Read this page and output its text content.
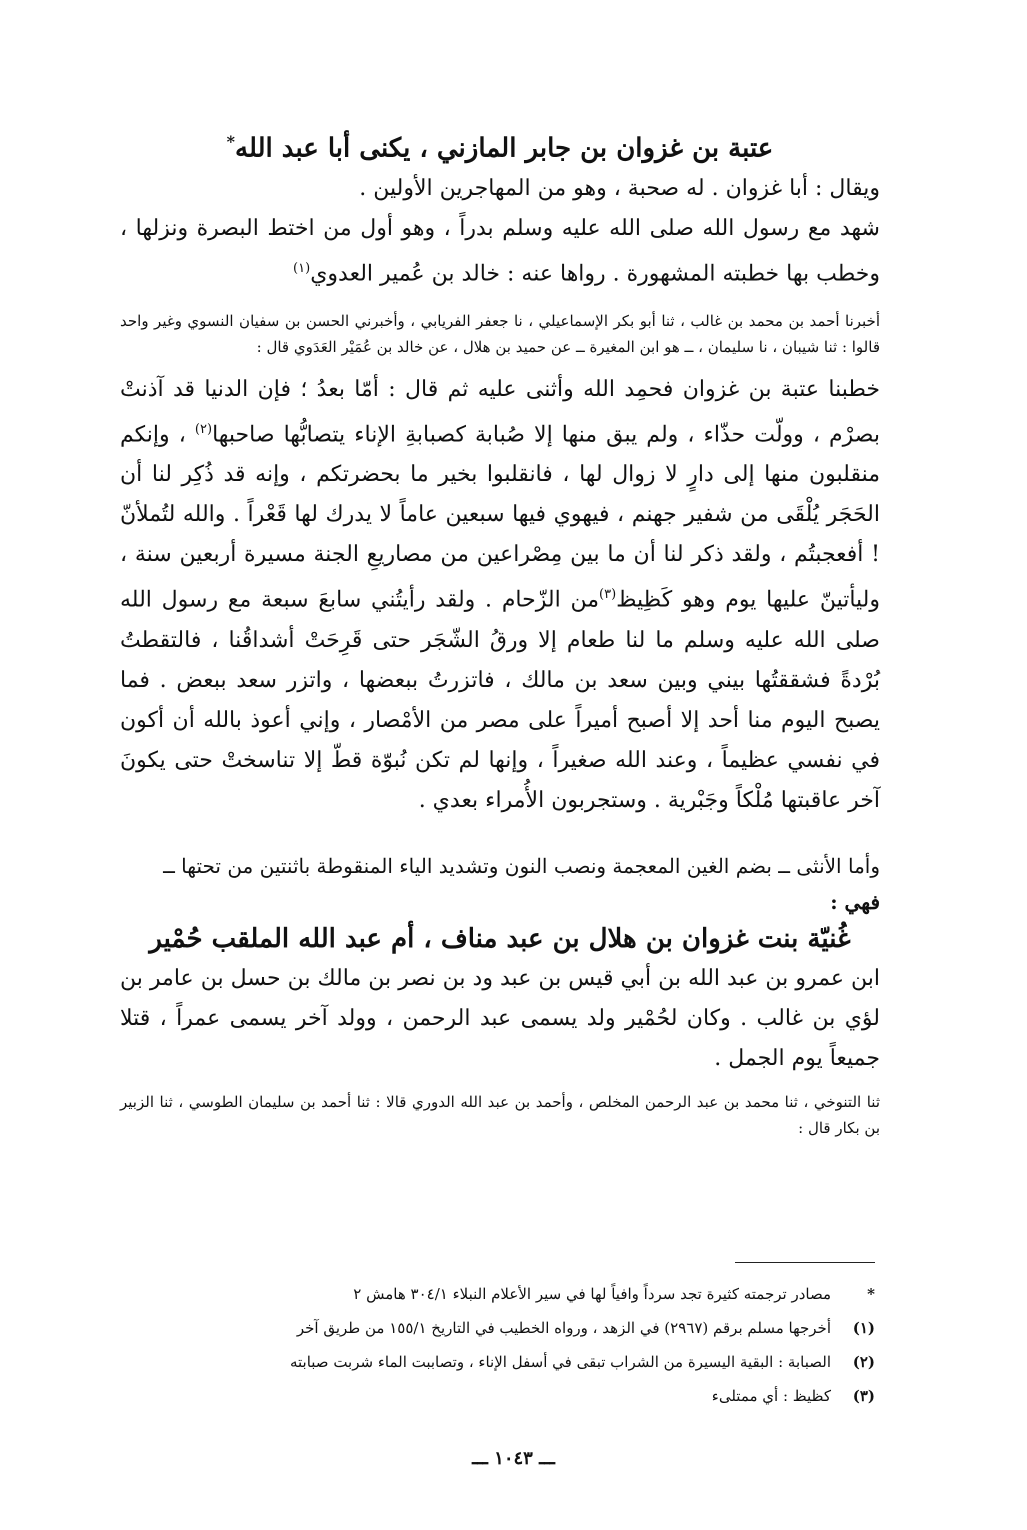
عتبة بن غزوان بن جابر المازني ، يكنى أبا عبد الله*

ويقال : أبا غزوان . له صحبة ، وهو من المهاجرين الأولين .

شهد مع رسول الله صلى الله عليه وسلم بدراً ، وهو أول من اختط البصرة ونزلها ، وخطب بها خطبته المشهورة . رواها عنه : خالد بن عُمير العدوي$^{(١)}$

أخبرنا أحمد بن محمد بن غالب ، ثنا أبو بكر الإسماعيلي ، نا جعفر الفريابي ، وأخبرني الحسن بن سفيان النسوي وغير واحد قالوا : ثنا شيبان ، نا سليمان ، ــ هو ابن المغيرة ــ عن حميد بن هلال ، عن خالد بن عُمَيْر العَدَوي قال :

خطبنا عتبة بن غزوان فحمِد الله وأثنى عليه ثم قال : أمّا بعدُ ؛ فإن الدنيا قد آذنتْ بصرْم ، وولّت حذّاء ، ولم يبق منها إلا صُبابة كصبابةِ الإناء يتصابُّها صاحبها$^{(٢)}$ ، وإنكم منقلبون منها إلى دارٍ لا زوال لها ، فانقلبوا بخير ما بحضرتكم ، وإنه قد ذُكِر لنا أن الحَجَر يُلْقَى من شفير جهنم ، فيهوي فيها سبعين عاماً لا يدرك لها قَعْراً . والله لتُملأنّ ! أفعجبتُم ، ولقد ذكر لنا أن ما بين مِصْراعين من مصاريعِ الجنة مسيرة أربعين سنة ، وليأتينّ عليها يوم وهو كَظِيظ$^{(٣)}$من الزّحام . ولقد رأيتُني سابعَ سبعة مع رسول الله صلى الله عليه وسلم ما لنا طعام إلا ورقُ الشّجَر حتى قَرِحَتْ أشداقُنا ، فالتقطتُ بُرْدةً فشققتُها بيني وبين سعد بن مالك ، فاتزرتُ ببعضها ، واتزر سعد ببعض . فما يصبح اليوم منا أحد إلا أصبح أميراً على مصر من الأمْصار ، وإني أعوذ بالله أن أكون في نفسي عظيماً ، وعند الله صغيراً ، وإنها لم تكن نُبوّة قطّ إلا تناسختْ حتى يكونَ آخر عاقبتها مُلْكاً وجَبْرية . وستجربون الأُمراء بعدي .

وأما الأنثى ــ بضم الغين المعجمة ونصب النون وتشديد الياء المنقوطة باثنتين من تحتها ــ

فهي :

غُنيّة بنت غزوان بن هلال بن عبد مناف ، أم عبد الله الملقب حُمْير

ابن عمرو بن عبد الله بن أبي قيس بن عبد ود بن نصر بن مالك بن حسل بن عامر بن لؤي بن غالب . وكان لحُمْير ولد يسمى عبد الرحمن ، وولد آخر يسمى عمراً ، قتلا جميعاً يوم الجمل .

ثنا التنوخي ، ثنا محمد بن عبد الرحمن المخلص ، وأحمد بن عبد الله الدوري قالا : ثنا أحمد بن سليمان الطوسي ، ثنا الزبير بن بكار قال :

*
مصادر ترجمته كثيرة تجد سرداً وافياً لها في سير الأعلام النبلاء ٣٠٤/١ هامش ٢
(١)
أخرجها مسلم برقم (٢٩٦٧) في الزهد ، ورواه الخطيب في التاريخ ١٥٥/١ من طريق آخر
(٢)
الصبابة : البقية اليسيرة من الشراب تبقى في أسفل الإناء ، وتصاببت الماء شربت صبابته
(٣)
كظيظ : أي ممتلىء
ـــ ١٠٤٣ ـــ
